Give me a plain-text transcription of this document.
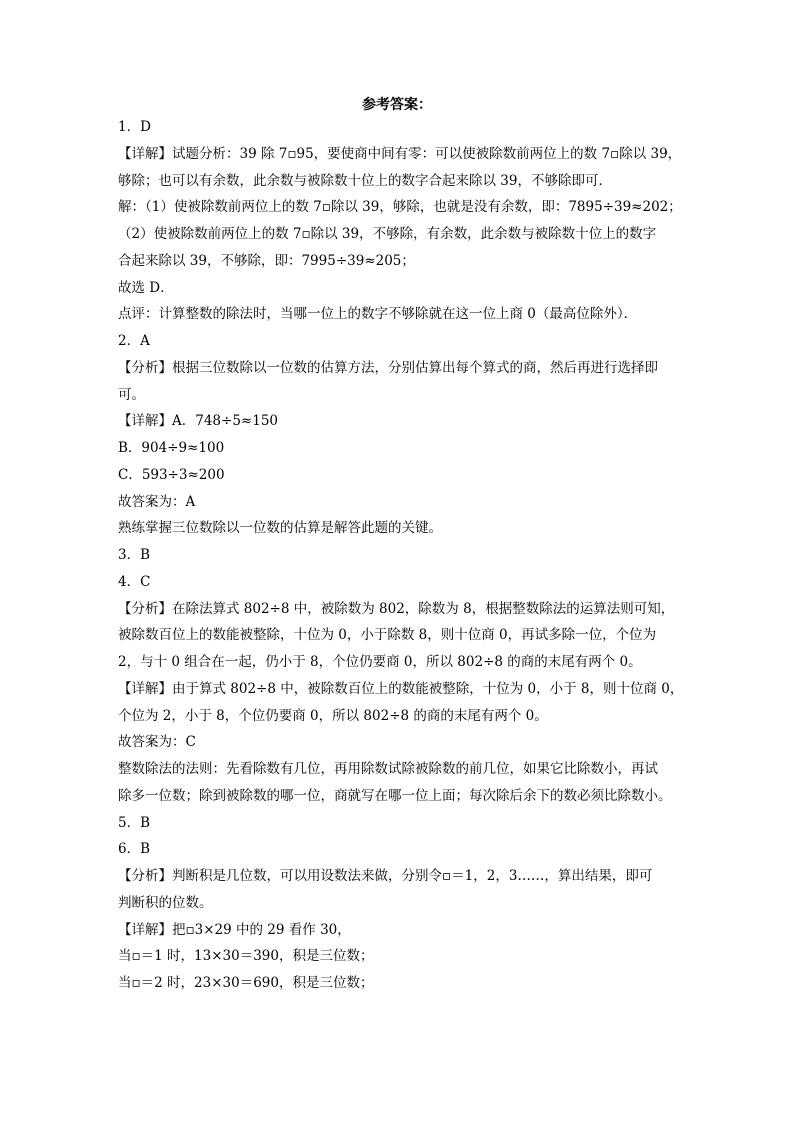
参考答案：
1．D
【详解】试题分析：39 除 7▫95，要使商中间有零：可以使被除数前两位上的数 7▫除以 39，
够除；也可以有余数，此余数与被除数十位上的数字合起来除以 39，不够除即可．
解：（1）使被除数前两位上的数 7▫除以 39，够除，也就是没有余数，即：7895÷39≈202；
（2）使被除数前两位上的数 7▫除以 39，不够除，有余数，此余数与被除数十位上的数字
合起来除以 39，不够除，即：7995÷39≈205；
故选 D．
点评：计算整数的除法时，当哪一位上的数字不够除就在这一位上商 0（最高位除外）．
2．A
【分析】根据三位数除以一位数的估算方法，分别估算出每个算式的商，然后再进行选择即
可。
【详解】A．748÷5≈150
B．904÷9≈100
C．593÷3≈200
故答案为：A
熟练掌握三位数除以一位数的估算是解答此题的关键。
3．B
4．C
【分析】在除法算式 802÷8 中，被除数为 802，除数为 8，根据整数除法的运算法则可知，
被除数百位上的数能被整除，十位为 0，小于除数 8，则十位商 0，再试多除一位，个位为
2，与十 0 组合在一起，仍小于 8，个位仍要商 0，所以 802÷8 的商的末尾有两个 0。
【详解】由于算式 802÷8 中，被除数百位上的数能被整除，十位为 0，小于 8，则十位商 0，
个位为 2，小于 8，个位仍要商 0，所以 802÷8 的商的末尾有两个 0。
故答案为：C
整数除法的法则：先看除数有几位，再用除数试除被除数的前几位，如果它比除数小，再试
除多一位数；除到被除数的哪一位，商就写在哪一位上面；每次除后余下的数必须比除数小。
5．B
6．B
【分析】判断积是几位数，可以用设数法来做，分别令▫＝1，2，3……，算出结果，即可
判断积的位数。
【详解】把▫3×29 中的 29 看作 30，
当▫＝1 时，13×30＝390，积是三位数；
当▫＝2 时，23×30＝690，积是三位数；
